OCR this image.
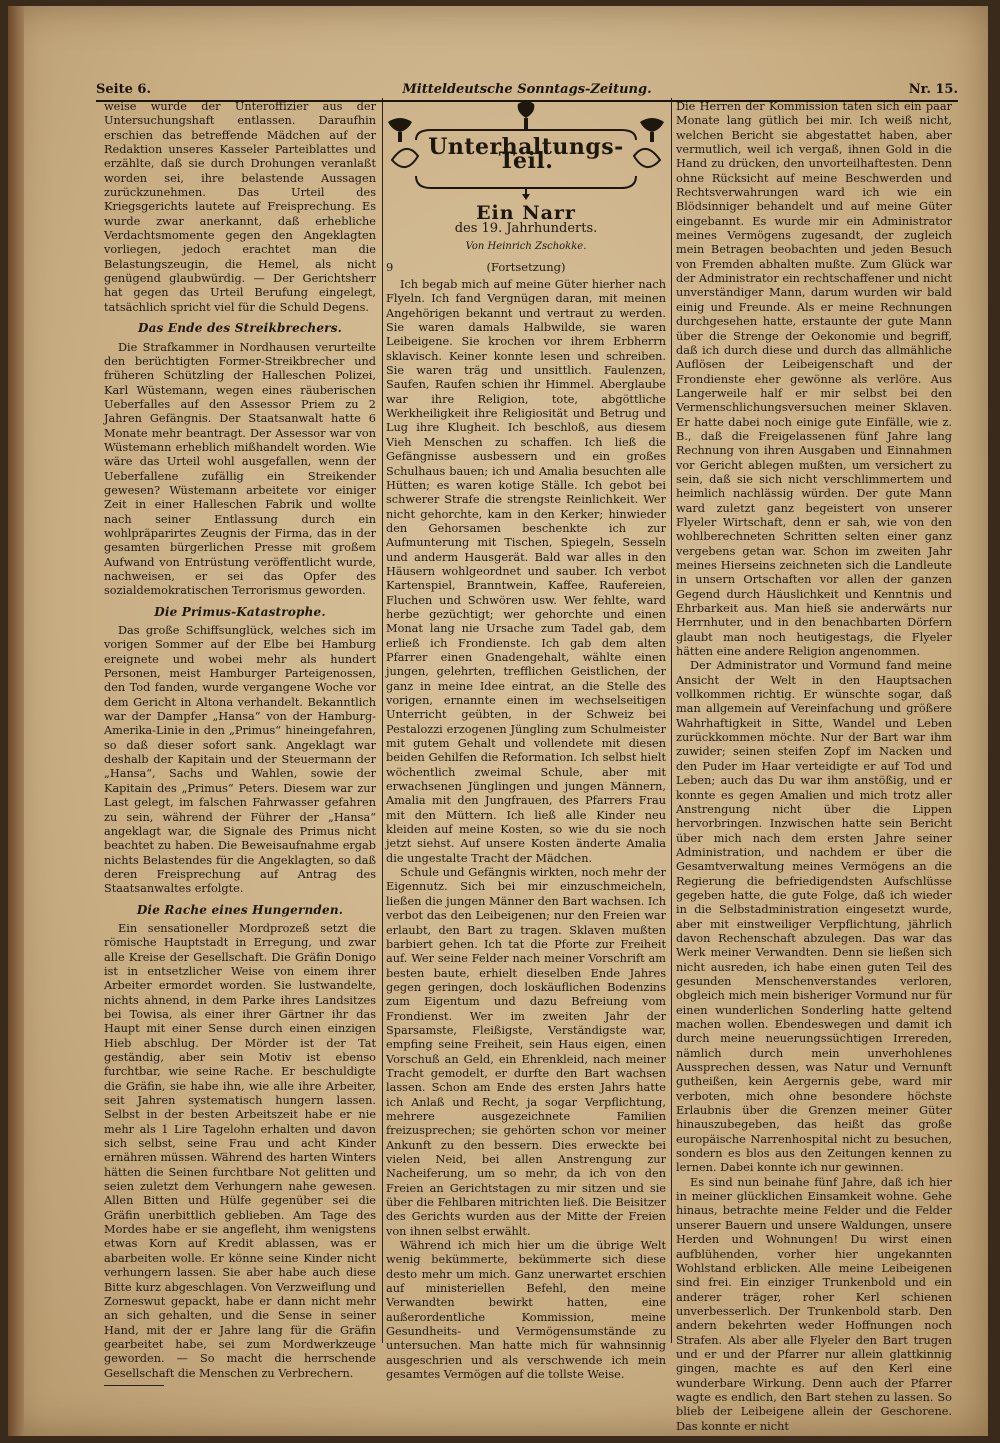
Seite 6.	Mitteldeutsche Sonntags-Zeitung.	Nr. 15.

weise wurde der Unteroffizier aus der Untersuchungshaft entlassen. Daraufhin erschien das betreffende Mädchen auf der Redaktion unseres Kasseler Parteiblattes und erzählte, daß sie durch Drohungen veranlaßt worden sei, ihre belastende Aussagen zurückzunehmen. Das Urteil des Kriegsgerichts lautete auf Freisprechung. Es wurde zwar anerkannt, daß erhebliche Verdachtsmomente gegen den Angeklagten vorliegen, jedoch erachtet man die Belastungszeugin, die Hemel, als nicht genügend glaubwürdig. — Der Gerichtsherr hat gegen das Urteil Berufung eingelegt, tatsächlich spricht viel für die Schuld Degens.

Das Ende des Streikbrechers.

Die Strafkammer in Nordhausen verurteilte den berüchtigten Former-Streikbrecher und früheren Schützling der Halleschen Polizei, Karl Wüstemann, wegen eines räuberischen Ueberfalles auf den Assessor Priem zu 2 Jahren Gefängnis. Der Staatsanwalt hatte 6 Monate mehr beantragt. Der Assessor war von Wüstemann erheblich mißhandelt worden. Wie wäre das Urteil wohl ausgefallen, wenn der Ueberfallene zufällig ein Streikender gewesen? Wüstemann arbeitete vor einiger Zeit in einer Halleschen Fabrik und wollte nach seiner Entlassung durch ein wohlpräparirtes Zeugnis der Firma, das in der gesamten bürgerlichen Presse mit großem Aufwand von Entrüstung veröffentlicht wurde, nachweisen, er sei das Opfer des sozialdemokratischen Terrorismus geworden.

Die Primus-Katastrophe.

Das große Schiffsunglück, welches sich im vorigen Sommer auf der Elbe bei Hamburg ereignete und wobei mehr als hundert Personen, meist Hamburger Parteigenossen, den Tod fanden, wurde vergangene Woche vor dem Gericht in Altona verhandelt. Bekanntlich war der Dampfer „Hansa“ von der Hamburg-Amerika-Linie in den „Primus“ hineingefahren, so daß dieser sofort sank. Angeklagt war deshalb der Kapitain und der Steuermann der „Hansa“, Sachs und Wahlen, sowie der Kapitain des „Primus“ Peters. Diesem war zur Last gelegt, im falschen Fahrwasser gefahren zu sein, während der Führer der „Hansa“ angeklagt war, die Signale des Primus nicht beachtet zu haben. Die Beweisaufnahme ergab nichts Belastendes für die Angeklagten, so daß deren Freisprechung auf Antrag des Staatsanwaltes erfolgte.

Die Rache eines Hungernden.

Ein sensationeller Mordprozeß setzt die römische Hauptstadt in Erregung, und zwar alle Kreise der Gesellschaft. Die Gräfin Donigo ist in entsetzlicher Weise von einem ihrer Arbeiter ermordet worden. Sie lustwandelte, nichts ahnend, in dem Parke ihres Landsitzes bei Towisa, als einer ihrer Gärtner ihr das Haupt mit einer Sense durch einen einzigen Hieb abschlug. Der Mörder ist der Tat geständig, aber sein Motiv ist ebenso furchtbar, wie seine Rache. Er beschuldigte die Gräfin, sie habe ihn, wie alle ihre Arbeiter, seit Jahren systematisch hungern lassen. Selbst in der besten Arbeitszeit habe er nie mehr als 1 Lire Tagelohn erhalten und davon sich selbst, seine Frau und acht Kinder ernähren müssen. Während des harten Winters hätten die Seinen furchtbare Not gelitten und seien zuletzt dem Verhungern nahe gewesen. Allen Bitten und Hülfe gegenüber sei die Gräfin unerbittlich geblieben. Am Tage des Mordes habe er sie angefleht, ihm wenigstens etwas Korn auf Kredit ablassen, was er abarbeiten wolle. Er könne seine Kinder nicht verhungern lassen. Sie aber habe auch diese Bitte kurz abgeschlagen. Von Verzweiflung und Zorneswut gepackt, habe er dann nicht mehr an sich gehalten, und die Sense in seiner Hand, mit der er Jahre lang für die Gräfin gearbeitet habe, sei zum Mordwerkzeuge geworden. — So macht die herrschende Gesellschaft die Menschen zu Verbrechern.

Unterhaltungs-Teil.
Ein Narr
des 19. Jahrhunderts.
Von Heinrich Zschokke.
9	(Fortsetzung)

Ich begab mich auf meine Güter hierher nach Flyeln. Ich fand Vergnügen daran, mit meinen Angehörigen bekannt und vertraut zu werden. Sie waren damals Halbwilde, sie waren Leibeigene. Sie krochen vor ihrem Erbherrn sklavisch. Keiner konnte lesen und schreiben. Sie waren träg und unsittlich. Faulenzen, Saufen, Raufen schien ihr Himmel. Aberglaube war ihre Religion, tote, abgöttliche Werkheiligkeit ihre Religiosität und Betrug und Lug ihre Klugheit. Ich beschloß, aus diesem Vieh Menschen zu schaffen. Ich ließ die Gefängnisse ausbessern und ein großes Schulhaus bauen; ich und Amalia besuchten alle Hütten; es waren kotige Ställe. Ich gebot bei schwerer Strafe die strengste Reinlichkeit. Wer nicht gehorchte, kam in den Kerker; hinwieder den Gehorsamen beschenkte ich zur Aufmunterung mit Tischen, Spiegeln, Sesseln und anderm Hausgerät. Bald war alles in den Häusern wohlgeordnet und sauber. Ich verbot Kartenspiel, Branntwein, Kaffee, Raufereien, Fluchen und Schwören usw. Wer fehlte, ward herbe gezüchtigt; wer gehorchte und einen Monat lang nie Ursache zum Tadel gab, dem erließ ich Frondienste. Ich gab dem alten Pfarrer einen Gnadengehalt, wählte einen jungen, gelehrten, trefflichen Geistlichen, der ganz in meine Idee eintrat, an die Stelle des vorigen, ernannte einen im wechselseitigen Unterricht geübten, in der Schweiz bei Pestalozzi erzogenen Jüngling zum Schulmeister mit gutem Gehalt und vollendete mit diesen beiden Gehilfen die Reformation. Ich selbst hielt wöchentlich zweimal Schule, aber mit erwachsenen Jünglingen und jungen Männern, Amalia mit den Jungfrauen, des Pfarrers Frau mit den Müttern. Ich ließ alle Kinder neu kleiden auf meine Kosten, so wie du sie noch jetzt siehst. Auf unsere Kosten änderte Amalia die ungestalte Tracht der Mädchen.

Schule und Gefängnis wirkten, noch mehr der Eigennutz. Sich bei mir einzuschmeicheln, ließen die jungen Männer den Bart wachsen. Ich verbot das den Leibeigenen; nur den Freien war erlaubt, den Bart zu tragen. Sklaven mußten barbiert gehen. Ich tat die Pforte zur Freiheit auf. Wer seine Felder nach meiner Vorschrift am besten baute, erhielt dieselben Ende Jahres gegen geringen, doch loskäuflichen Bodenzins zum Eigentum und dazu Befreiung vom Frondienst. Wer im zweiten Jahr der Sparsamste, Fleißigste, Verständigste war, empfing seine Freiheit, sein Haus eigen, einen Vorschuß an Geld, ein Ehrenkleid, nach meiner Tracht gemodelt, er durfte den Bart wachsen lassen. Schon am Ende des ersten Jahrs hatte ich Anlaß und Recht, ja sogar Verpflichtung, mehrere ausgezeichnete Familien freizusprechen; sie gehörten schon vor meiner Ankunft zu den bessern. Dies erweckte bei vielen Neid, bei allen Anstrengung zur Nacheiferung, um so mehr, da ich von den Freien an Gerichtstagen zu mir sitzen und sie über die Fehlbaren mitrichten ließ. Die Beisitzer des Gerichts wurden aus der Mitte der Freien von ihnen selbst erwählt.

Während ich mich hier um die übrige Welt wenig bekümmerte, bekümmerte sich diese desto mehr um mich. Ganz unerwartet erschien auf ministeriellen Befehl, den meine Verwandten bewirkt hatten, eine außerordentliche Kommission, meine Gesundheits- und Vermögensumstände zu untersuchen. Man hatte mich für wahnsinnig ausgeschrien und als verschwende ich mein gesamtes Vermögen auf die tollste Weise.

Die Herren der Kommission taten sich ein paar Monate lang gütlich bei mir. Ich weiß nicht, welchen Bericht sie abgestattet haben, aber vermutlich, weil ich vergaß, ihnen Gold in die Hand zu drücken, den unvorteilhaftesten. Denn ohne Rücksicht auf meine Beschwerden und Rechtsverwahrungen ward ich wie ein Blödsinniger behandelt und auf meine Güter eingebannt. Es wurde mir ein Administrator meines Vermögens zugesandt, der zugleich mein Betragen beobachten und jeden Besuch von Fremden abhalten mußte. Zum Glück war der Administrator ein rechtschaffener und nicht unverständiger Mann, darum wurden wir bald einig und Freunde. Als er meine Rechnungen durchgesehen hatte, erstaunte der gute Mann über die Strenge der Oekonomie und begriff, daß ich durch diese und durch das allmähliche Auflösen der Leibeigenschaft und der Frondienste eher gewönne als verlöre. Aus Langerweile half er mir selbst bei den Vermenschlichungsversuchen meiner Sklaven. Er hatte dabei noch einige gute Einfälle, wie z. B., daß die Freigelassenen fünf Jahre lang Rechnung von ihren Ausgaben und Einnahmen vor Gericht ablegen mußten, um versichert zu sein, daß sie sich nicht verschlimmertem und heimlich nachlässig würden. Der gute Mann ward zuletzt ganz begeistert von unserer Flyeler Wirtschaft, denn er sah, wie von den wohlberechneten Schritten selten einer ganz vergebens getan war. Schon im zweiten Jahr meines Hierseins zeichneten sich die Landleute in unsern Ortschaften vor allen der ganzen Gegend durch Häuslichkeit und Kenntnis und Ehrbarkeit aus. Man hieß sie anderwärts nur Herrnhuter, und in den benachbarten Dörfern glaubt man noch heutigestags, die Flyeler hätten eine andere Religion angenommen.

Der Administrator und Vormund fand meine Ansicht der Welt in den Hauptsachen vollkommen richtig. Er wünschte sogar, daß man allgemein auf Vereinfachung und größere Wahrhaftigkeit in Sitte, Wandel und Leben zurückkommen möchte. Nur der Bart war ihm zuwider; seinen steifen Zopf im Nacken und den Puder im Haar verteidigte er auf Tod und Leben; auch das Du war ihm anstößig, und er konnte es gegen Amalien und mich trotz aller Anstrengung nicht über die Lippen hervorbringen. Inzwischen hatte sein Bericht über mich nach dem ersten Jahre seiner Administration, und nachdem er über die Gesamtverwaltung meines Vermögens an die Regierung die befriedigendsten Aufschlüsse gegeben hatte, die gute Folge, daß ich wieder in die Selbstadministration eingesetzt wurde, aber mit einstweiliger Verpflichtung, jährlich davon Rechenschaft abzulegen. Das war das Werk meiner Verwandten. Denn sie ließen sich nicht ausreden, ich habe einen guten Teil des gesunden Menschenverstandes verloren, obgleich mich mein bisheriger Vormund nur für einen wunderlichen Sonderling hatte geltend machen wollen. Ebendeswegen und damit ich durch meine neuerungssüchtigen Irrereden, nämlich durch mein unverhohlenes Aussprechen dessen, was Natur und Vernunft gutheißen, kein Aergernis gebe, ward mir verboten, mich ohne besondere höchste Erlaubnis über die Grenzen meiner Güter hinauszubegeben, das heißt das große europäische Narrenhospital nicht zu besuchen, sondern es blos aus den Zeitungen kennen zu lernen. Dabei konnte ich nur gewinnen.

Es sind nun beinahe fünf Jahre, daß ich hier in meiner glücklichen Einsamkeit wohne. Gehe hinaus, betrachte meine Felder und die Felder unserer Bauern und unsere Waldungen, unsere Herden und Wohnungen! Du wirst einen aufblühenden, vorher hier ungekannten Wohlstand erblicken. Alle meine Leibeigenen sind frei. Ein einziger Trunkenbold und ein anderer träger, roher Kerl schienen unverbesserlich. Der Trunkenbold starb. Den andern bekehrten weder Hoffnungen noch Strafen. Als aber alle Flyeler den Bart trugen und er und der Pfarrer nur allein glattkinnig gingen, machte es auf den Kerl eine wunderbare Wirkung. Denn auch der Pfarrer wagte es endlich, den Bart stehen zu lassen. So blieb der Leibeigene allein der Geschorene. Das konnte er nicht
